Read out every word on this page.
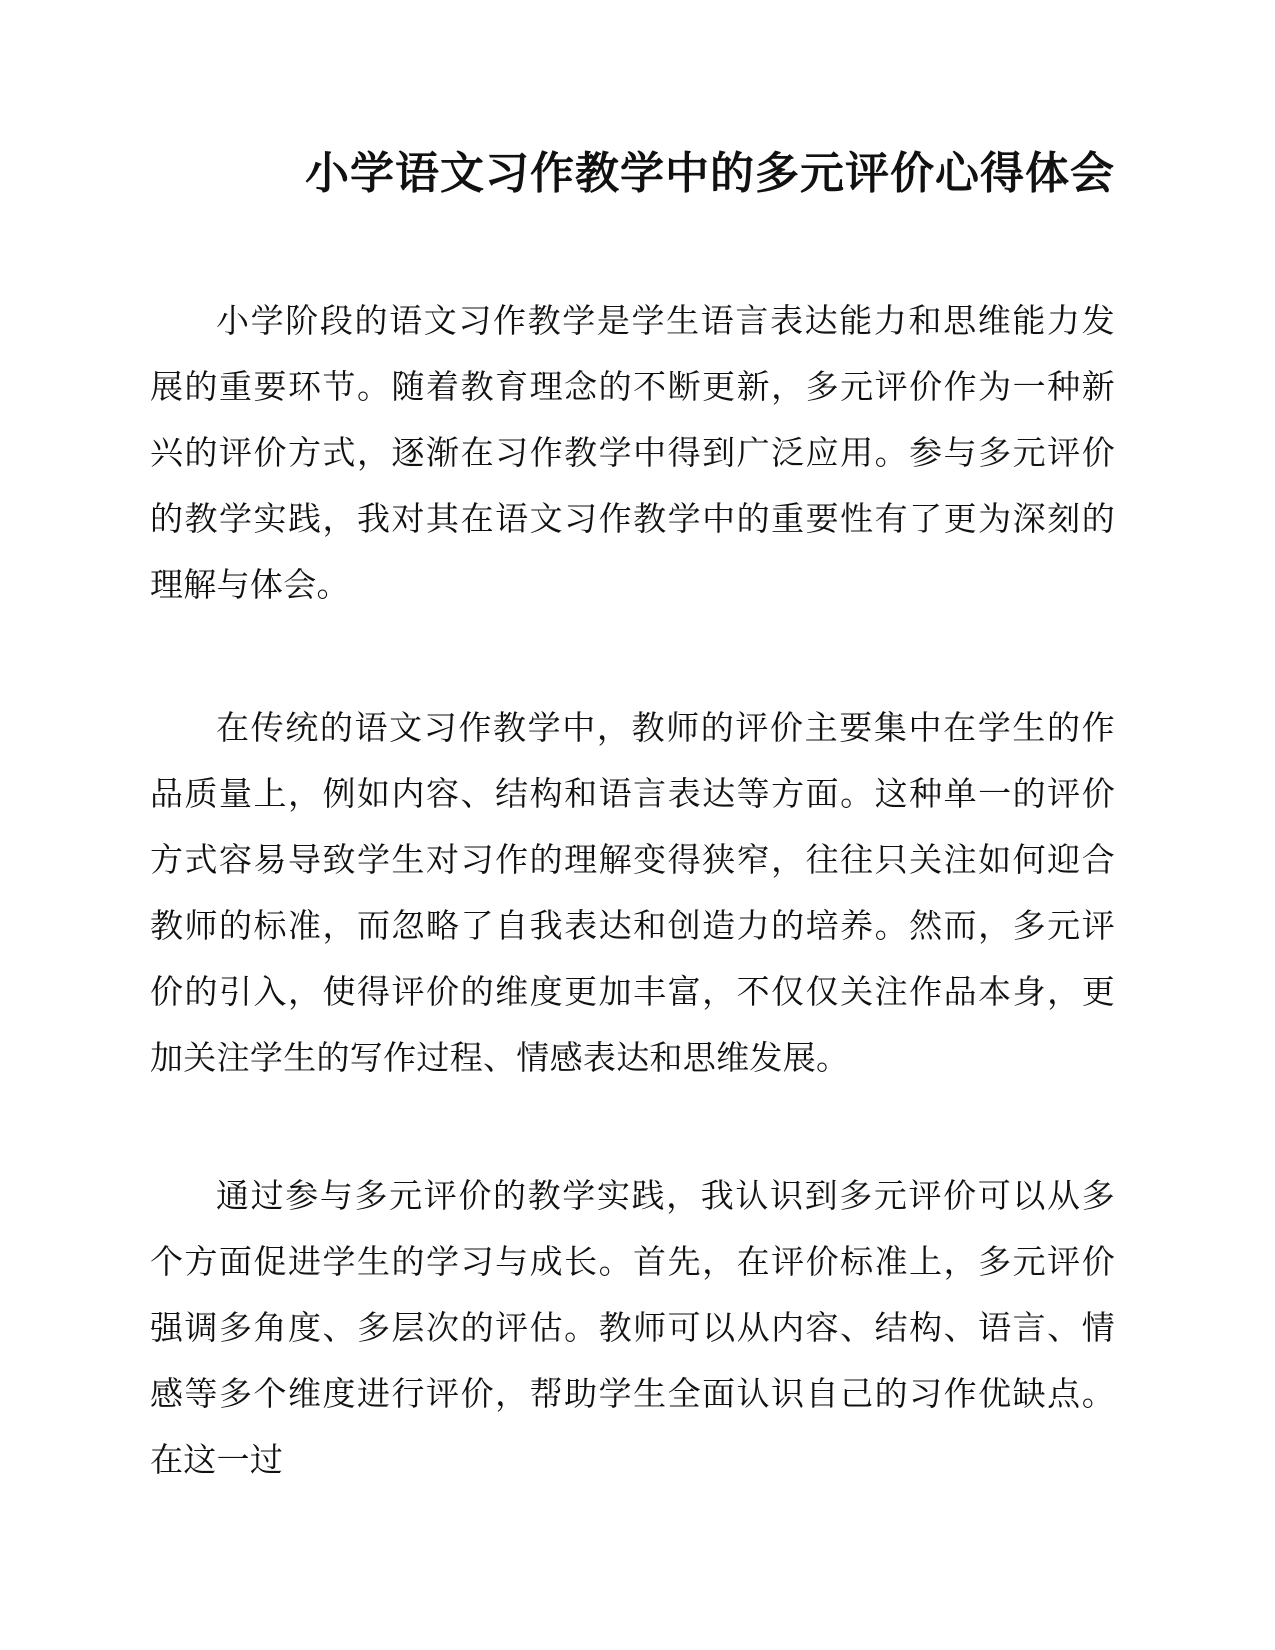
小学语文习作教学中的多元评价心得体会

小学阶段的语文习作教学是学生语言表达能力和思维能力发展的重要环节。随着教育理念的不断更新，多元评价作为一种新兴的评价方式，逐渐在习作教学中得到广泛应用。参与多元评价的教学实践，我对其在语文习作教学中的重要性有了更为深刻的理解与体会。

在传统的语文习作教学中，教师的评价主要集中在学生的作品质量上，例如内容、结构和语言表达等方面。这种单一的评价方式容易导致学生对习作的理解变得狭窄，往往只关注如何迎合教师的标准，而忽略了自我表达和创造力的培养。然而，多元评价的引入，使得评价的维度更加丰富，不仅仅关注作品本身，更加关注学生的写作过程、情感表达和思维发展。

通过参与多元评价的教学实践，我认识到多元评价可以从多个方面促进学生的学习与成长。首先，在评价标准上，多元评价强调多角度、多层次的评估。教师可以从内容、结构、语言、情感等多个维度进行评价，帮助学生全面认识自己的习作优缺点。在这一过
